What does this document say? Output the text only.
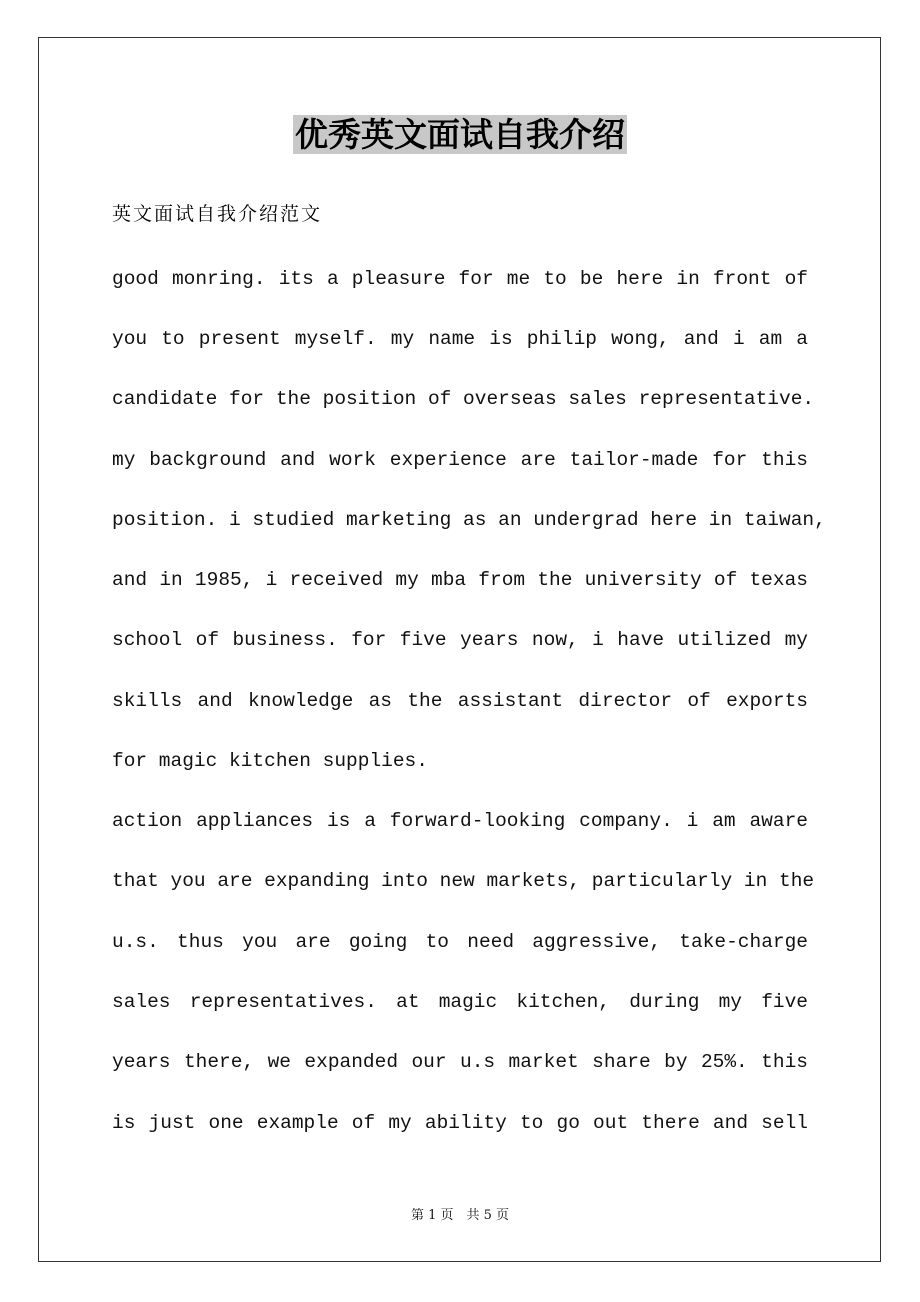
优秀英文面试自我介绍
英文面试自我介绍范文
good monring. its a pleasure for me to be here in front of
you to present myself. my name is philip wong, and i am a
candidate for the position of overseas sales representative.
my background and work experience are tailor-made for this
position. i studied marketing as an undergrad here in taiwan,
and in 1985, i received my mba from the university of texas
school of business. for five years now, i have utilized my
skills and knowledge as the assistant director of exports
for magic kitchen supplies.
action appliances is a forward-looking company. i am aware
that you are expanding into new markets, particularly in the
u.s. thus you are going to need aggressive, take-charge
sales representatives. at magic kitchen, during my five
years there, we expanded our u.s market share by 25%. this
is just one example of my ability to go out there and sell
第 1 页　共 5 页
